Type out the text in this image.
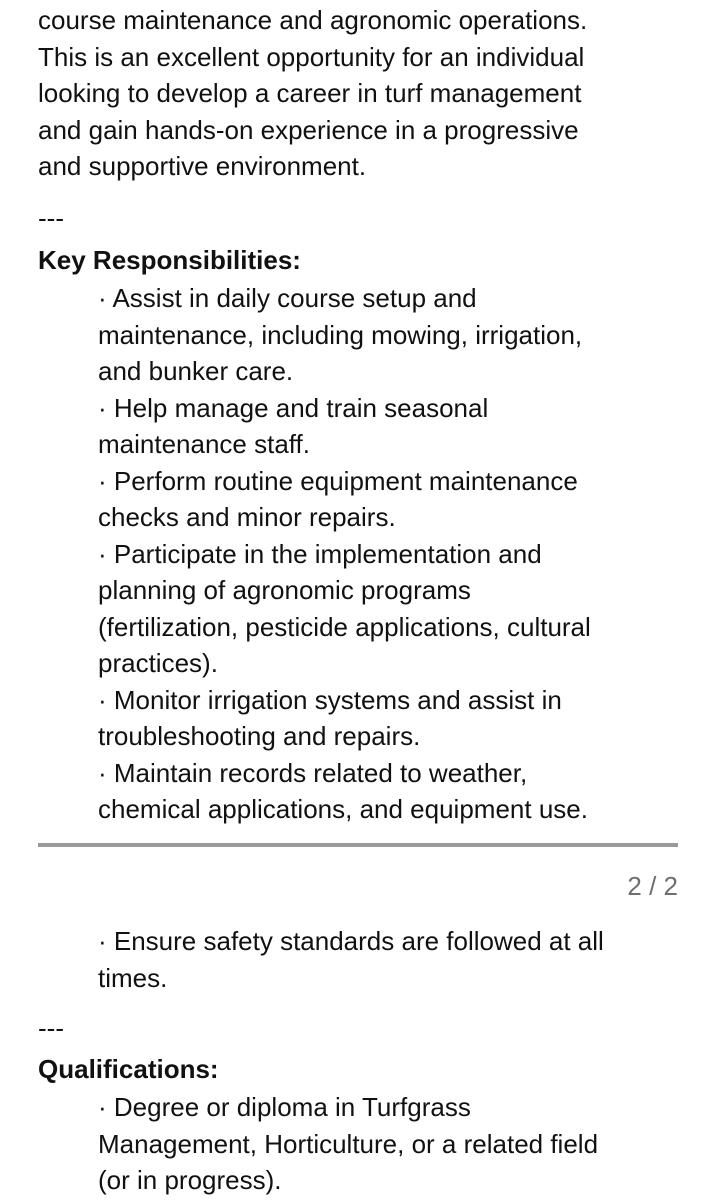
course maintenance and agronomic operations.
This is an excellent opportunity for an individual
looking to develop a career in turf management
and gain hands-on experience in a progressive
and supportive environment.
---
Key Responsibilities:
· Assist in daily course setup and
maintenance, including mowing, irrigation,
and bunker care.
· Help manage and train seasonal
maintenance staff.
· Perform routine equipment maintenance
checks and minor repairs.
· Participate in the implementation and
planning of agronomic programs
(fertilization, pesticide applications, cultural
practices).
· Monitor irrigation systems and assist in
troubleshooting and repairs.
· Maintain records related to weather,
chemical applications, and equipment use.
2 / 2
· Ensure safety standards are followed at all
times.
---
Qualifications:
· Degree or diploma in Turfgrass
Management, Horticulture, or a related field
(or in progress).
